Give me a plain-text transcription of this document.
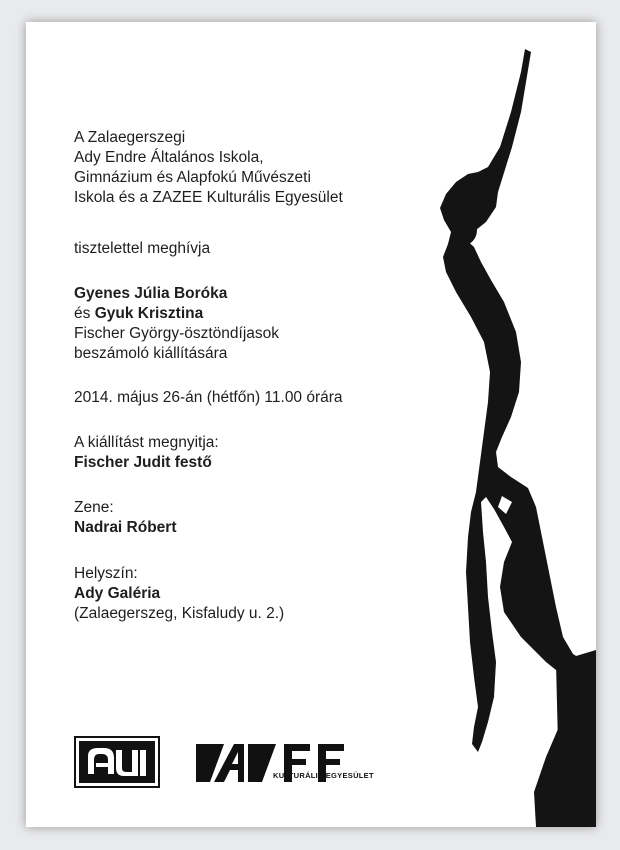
A Zalaegerszegi
Ady Endre Általános Iskola,
Gimnázium és Alapfokú Művészeti
Iskola és a ZAZEE Kulturális Egyesület
tisztelettel meghívja
Gyenes Júlia Boróka
és Gyuk Krisztina
Fischer György-ösztöndíjasok
beszámoló kiállítására
2014. május 26-án (hétfőn) 11.00 órára
A kiállítást megnyitja:
Fischer Judit festő
Zene:
Nadrai Róbert
Helyszín:
Ady Galéria
(Zalaegerszeg, Kisfaludy u. 2.)
KULTURÁLIS EGYESÜLET
